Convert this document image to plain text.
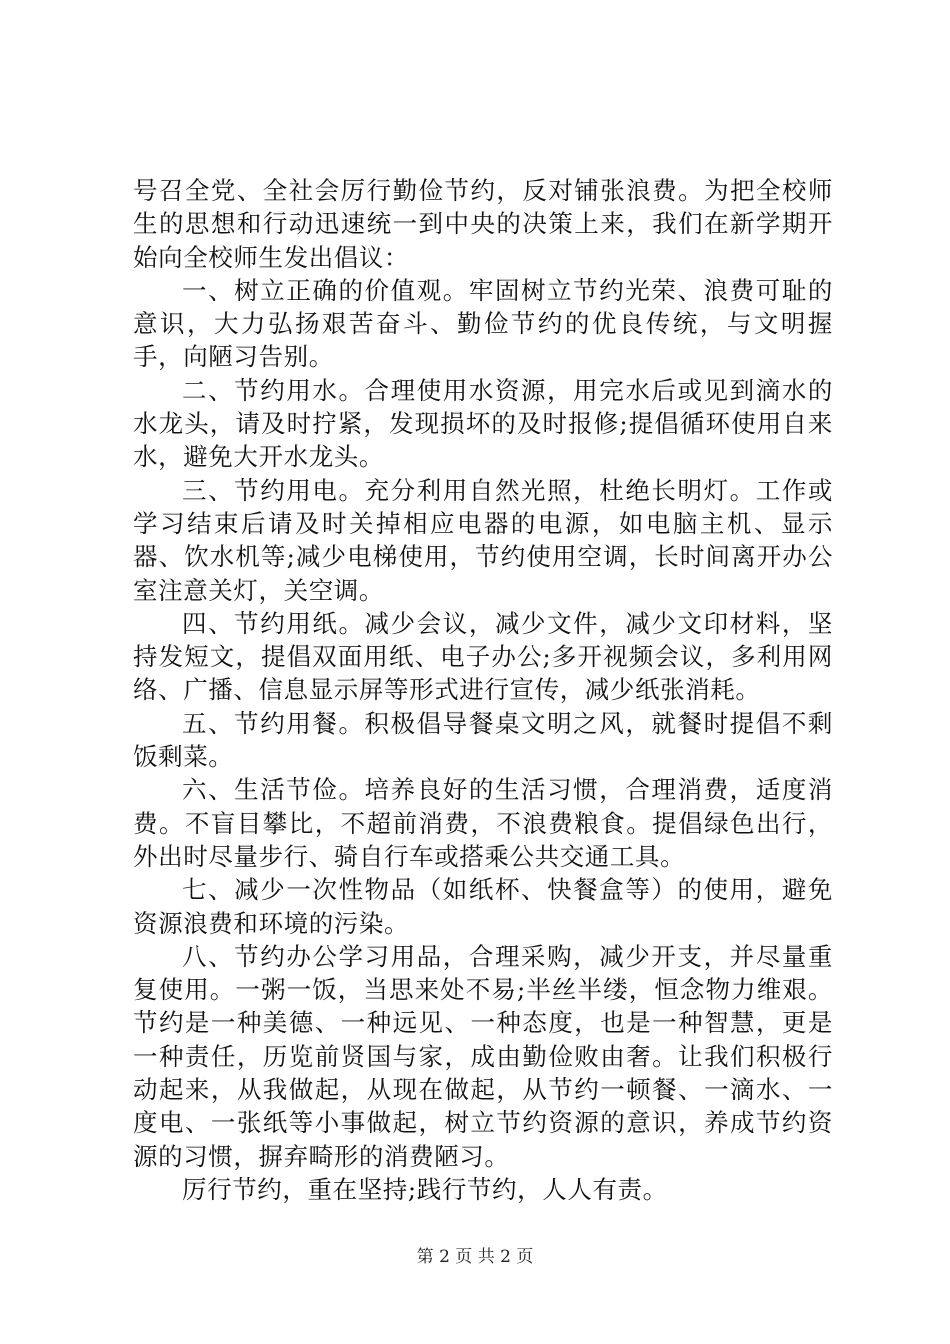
号召全党、全社会厉行勤俭节约，反对铺张浪费。为把全校师生的思想和行动迅速统一到中央的决策上来，我们在新学期开始向全校师生发出倡议：

一、树立正确的价值观。牢固树立节约光荣、浪费可耻的意识，大力弘扬艰苦奋斗、勤俭节约的优良传统，与文明握手，向陋习告别。

二、节约用水。合理使用水资源，用完水后或见到滴水的水龙头，请及时拧紧，发现损坏的及时报修;提倡循环使用自来水，避免大开水龙头。

三、节约用电。充分利用自然光照，杜绝长明灯。工作或学习结束后请及时关掉相应电器的电源，如电脑主机、显示器、饮水机等;减少电梯使用，节约使用空调，长时间离开办公室注意关灯，关空调。

四、节约用纸。减少会议，减少文件，减少文印材料，坚持发短文，提倡双面用纸、电子办公;多开视频会议，多利用网络、广播、信息显示屏等形式进行宣传，减少纸张消耗。

五、节约用餐。积极倡导餐桌文明之风，就餐时提倡不剩饭剩菜。

六、生活节俭。培养良好的生活习惯，合理消费，适度消费。不盲目攀比，不超前消费，不浪费粮食。提倡绿色出行，外出时尽量步行、骑自行车或搭乘公共交通工具。

七、减少一次性物品（如纸杯、快餐盒等）的使用，避免资源浪费和环境的污染。

八、节约办公学习用品，合理采购，减少开支，并尽量重复使用。一粥一饭，当思来处不易;半丝半缕，恒念物力维艰。节约是一种美德、一种远见、一种态度，也是一种智慧，更是一种责任，历览前贤国与家，成由勤俭败由奢。让我们积极行动起来，从我做起，从现在做起，从节约一顿餐、一滴水、一度电、一张纸等小事做起，树立节约资源的意识，养成节约资源的习惯，摒弃畸形的消费陋习。

厉行节约，重在坚持;践行节约，人人有责。

第 2 页 共 2 页
